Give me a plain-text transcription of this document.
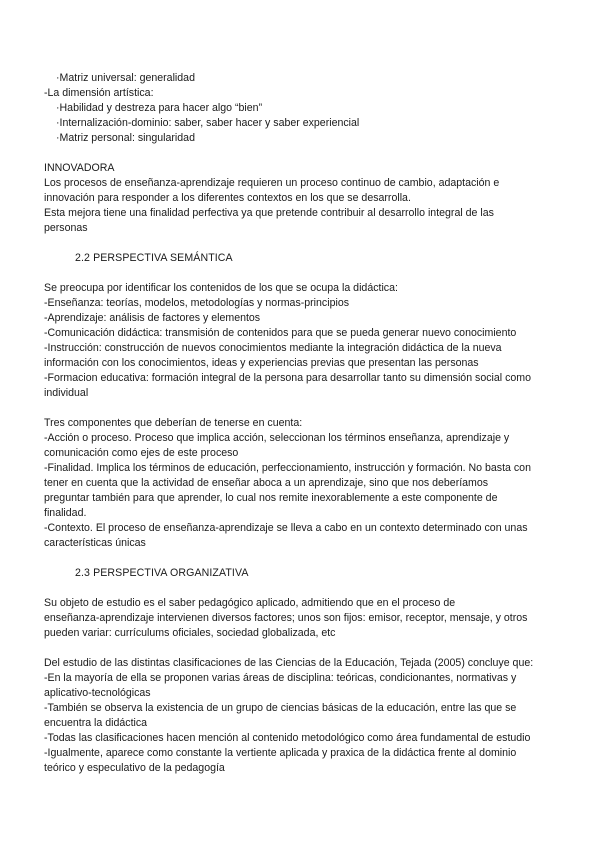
·Matriz universal: generalidad
-La dimensión artística:
·Habilidad y destreza para hacer algo “bien”
·Internalización-dominio: saber, saber hacer y saber experiencial
·Matriz personal: singularidad
INNOVADORA
Los procesos de enseñanza-aprendizaje requieren un proceso continuo de cambio, adaptación e
innovación para responder a los diferentes contextos en los que se desarrolla.
Esta mejora tiene una finalidad perfectiva ya que pretende contribuir al desarrollo integral de las
personas
2.2 PERSPECTIVA SEMÁNTICA
Se preocupa por identificar los contenidos de los que se ocupa la didáctica:
-Enseñanza: teorías, modelos, metodologías y normas-principios
-Aprendizaje: análisis de factores y elementos
-Comunicación didáctica: transmisión de contenidos para que se pueda generar nuevo conocimiento
-Instrucción: construcción de nuevos conocimientos mediante la integración didáctica de la nueva
información con los conocimientos, ideas y experiencias previas que presentan las personas
-Formacion educativa: formación integral de la persona para desarrollar tanto su dimensión social como
individual
Tres componentes que deberían de tenerse en cuenta:
-Acción o proceso. Proceso que implica acción, seleccionan los términos enseñanza, aprendizaje y
comunicación como ejes de este proceso
-Finalidad. Implica los términos de educación, perfeccionamiento, instrucción y formación. No basta con
tener en cuenta que la actividad de enseñar aboca a un aprendizaje, sino que nos deberíamos
preguntar también para que aprender, lo cual nos remite inexorablemente a este componente de
finalidad.
-Contexto. El proceso de enseñanza-aprendizaje se lleva a cabo en un contexto determinado con unas
características únicas
2.3 PERSPECTIVA ORGANIZATIVA
Su objeto de estudio es el saber pedagógico aplicado, admitiendo que en el proceso de
enseñanza-aprendizaje intervienen diversos factores; unos son fijos: emisor, receptor, mensaje, y otros
pueden variar: currículums oficiales, sociedad globalizada, etc
Del estudio de las distintas clasificaciones de las Ciencias de la Educación, Tejada (2005) concluye que:
-En la mayoría de ella se proponen varias áreas de disciplina: teóricas, condicionantes, normativas y
aplicativo-tecnológicas
-También se observa la existencia de un grupo de ciencias básicas de la educación, entre las que se
encuentra la didáctica
-Todas las clasificaciones hacen mención al contenido metodológico como área fundamental de estudio
-Igualmente, aparece como constante la vertiente aplicada y praxica de la didáctica frente al dominio
teórico y especulativo de la pedagogía
